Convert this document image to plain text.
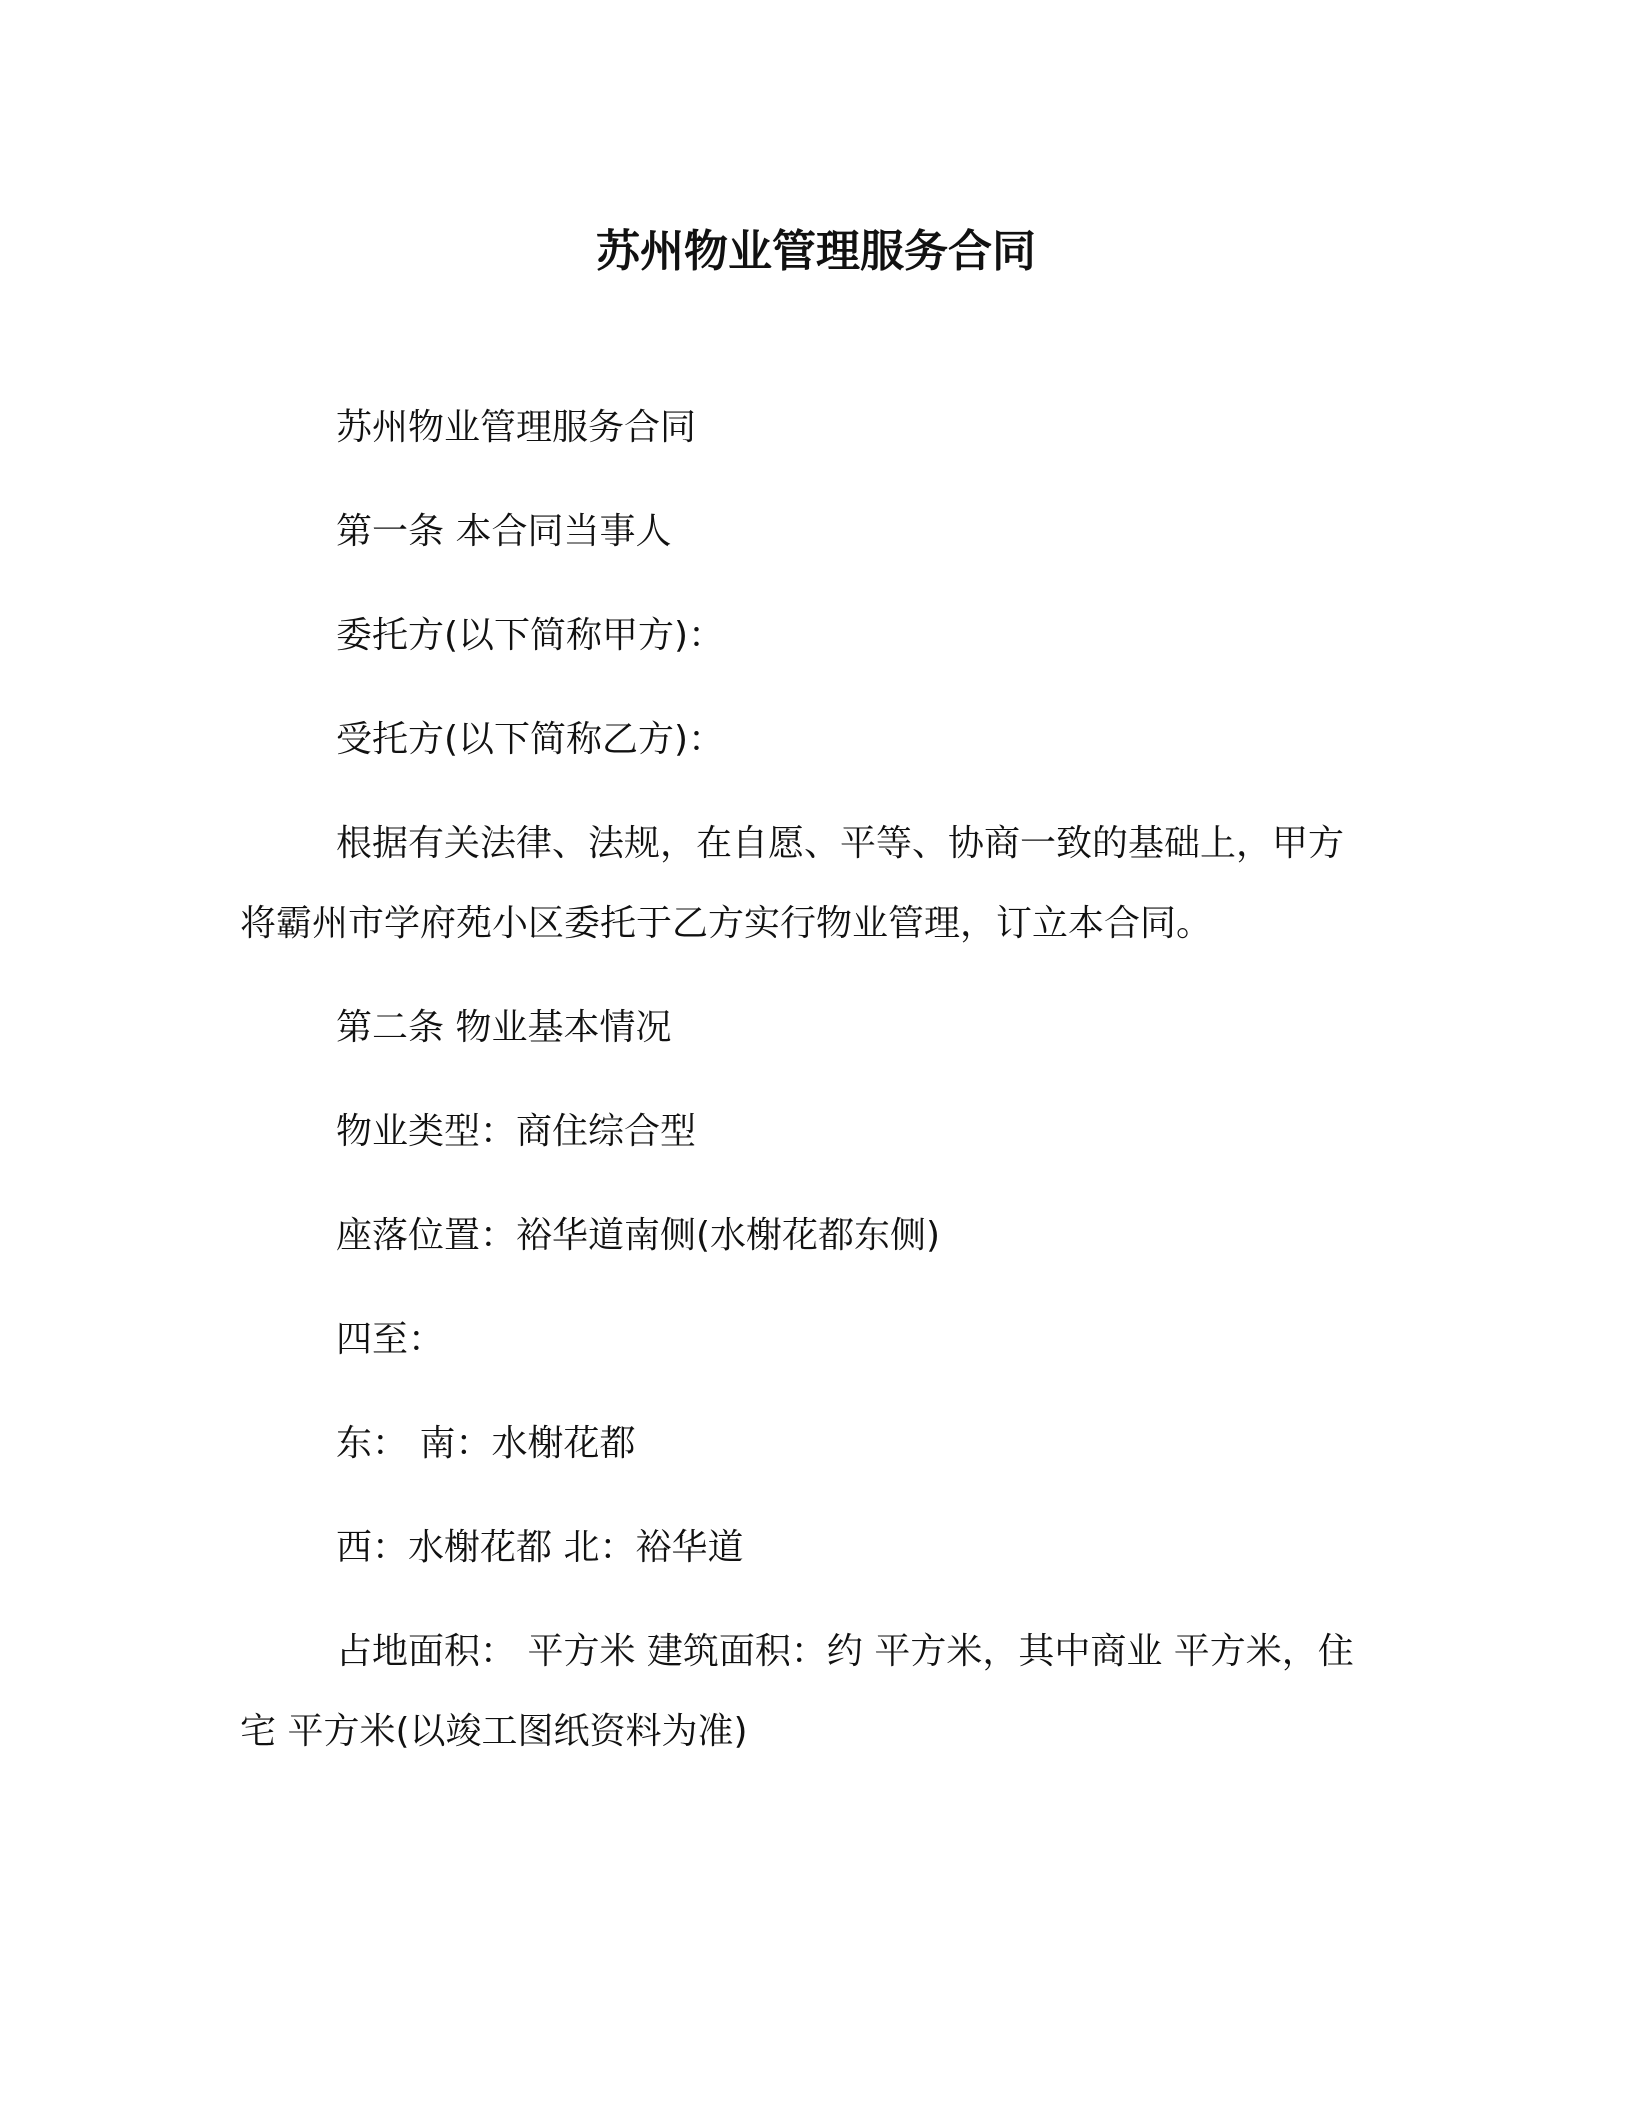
苏州物业管理服务合同

苏州物业管理服务合同

第一条 本合同当事人

委托方(以下简称甲方)：

受托方(以下简称乙方)：

根据有关法律、法规，在自愿、平等、协商一致的基础上，甲方将霸州市学府苑小区委托于乙方实行物业管理，订立本合同。

第二条 物业基本情况

物业类型：商住综合型

座落位置：裕华道南侧(水榭花都东侧)

四至：

东： 南：水榭花都

西：水榭花都 北：裕华道

占地面积： 平方米 建筑面积：约 平方米，其中商业 平方米，住宅 平方米(以竣工图纸资料为准)
